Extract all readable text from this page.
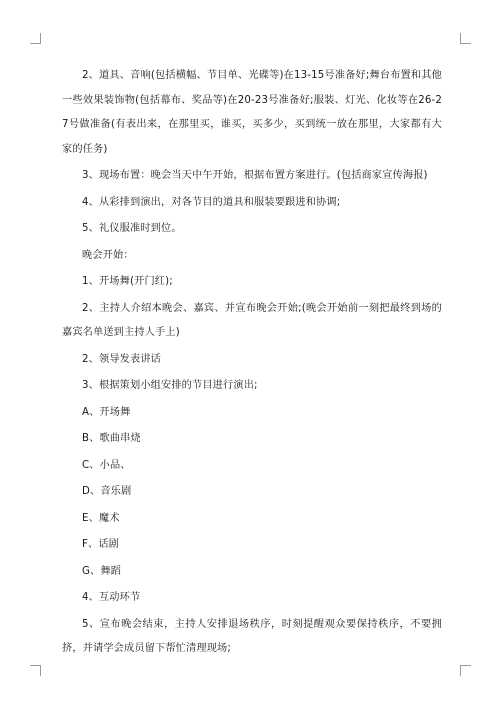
2、道具、音响(包括横幅、节目单、光碟等)在13-15号准备好;舞台布置和其他一些效果装饰物(包括幕布、奖品等)在20-23号准备好;服装、灯光、化妆等在26-27号做准备(有表出来，在那里买，谁买，买多少，买到统一放在那里，大家都有大家的任务)

3、现场布置：晚会当天中午开始，根据布置方案进行。(包括商家宣传海报)

4、从彩排到演出，对各节目的道具和服装要跟进和协调;

5、礼仪服准时到位。

晚会开始：

1、开场舞(开门红);

2、主持人介绍本晚会、嘉宾、并宣布晚会开始;(晚会开始前一刻把最终到场的嘉宾名单送到主持人手上)

2、领导发表讲话

3、根据策划小组安排的节目进行演出;

A、开场舞

B、歌曲串烧

C、小品、

D、音乐剧

E、魔术

F、话剧

G、舞蹈

4、互动环节

5、宣布晚会结束，主持人安排退场秩序，时刻提醒观众要保持秩序，不要拥挤，并请学会成员留下帮忙清理现场;
